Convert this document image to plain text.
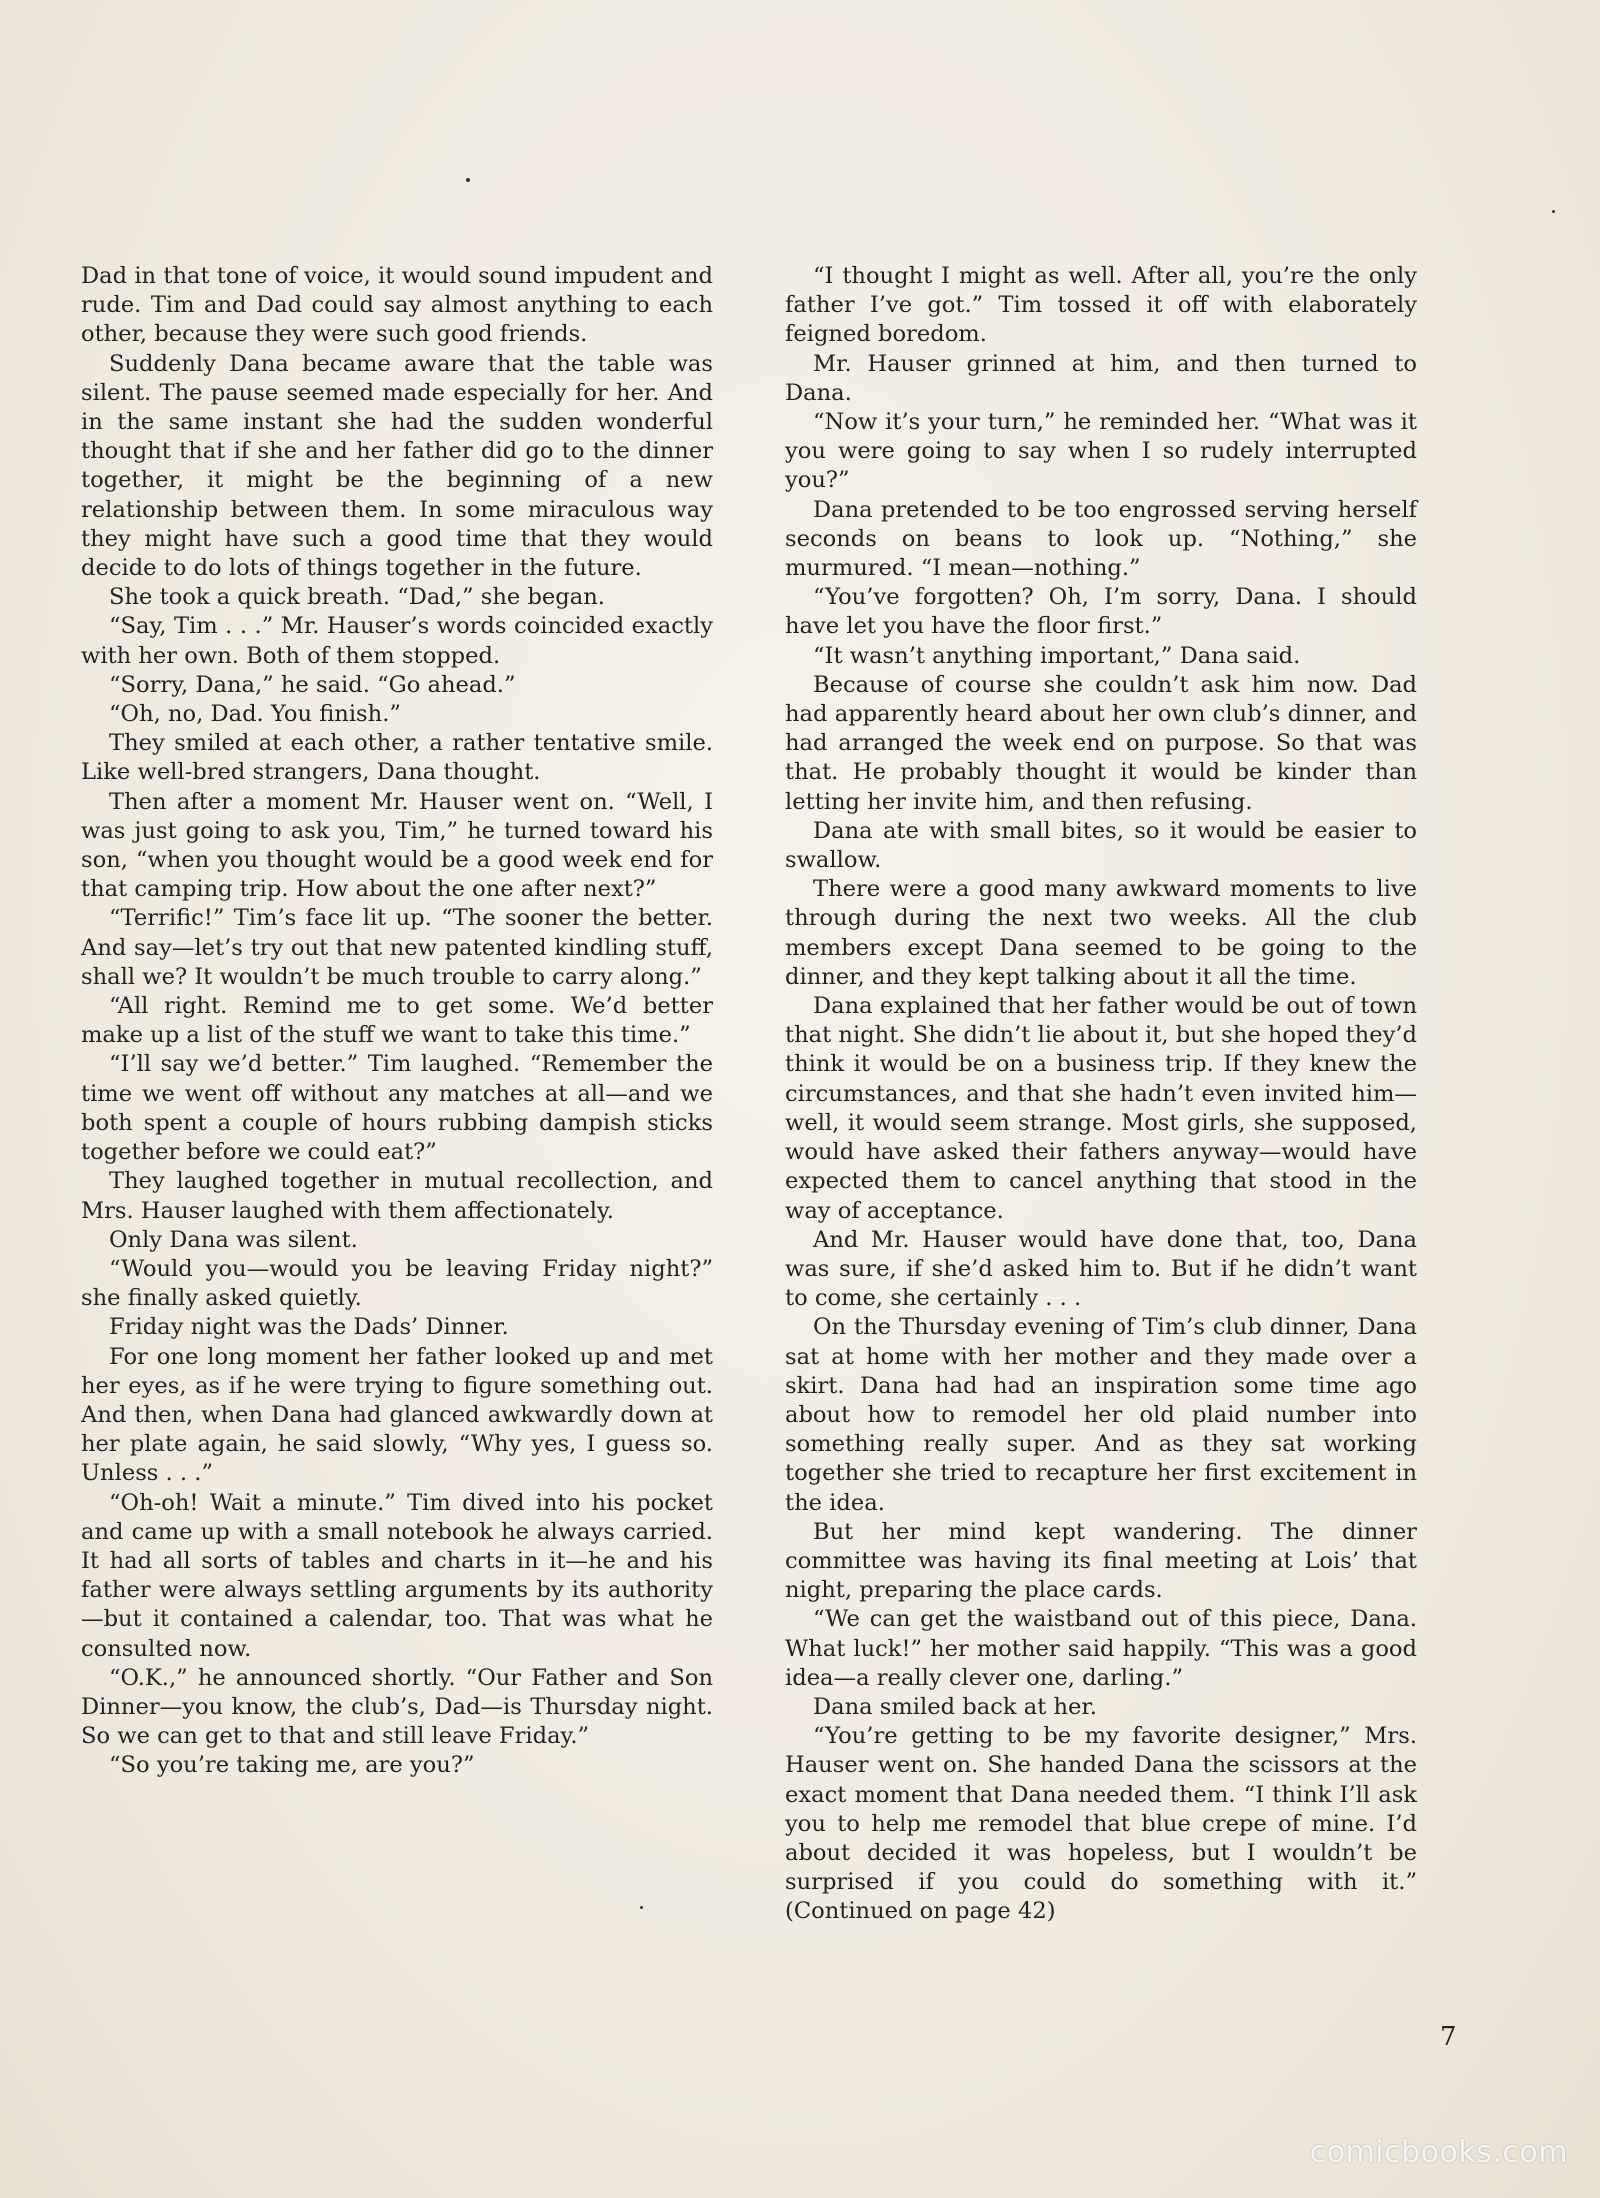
Dad in that tone of voice, it would sound impudent and rude. Tim and Dad could say almost anything to each other, because they were such good friends.

Suddenly Dana became aware that the table was silent. The pause seemed made especially for her. And in the same instant she had the sudden wonderful thought that if she and her father did go to the dinner together, it might be the beginning of a new relationship between them. In some miraculous way they might have such a good time that they would decide to do lots of things together in the future.

She took a quick breath. “Dad,” she began.

“Say, Tim . . .” Mr. Hauser’s words coincided exactly with her own. Both of them stopped.

“Sorry, Dana,” he said. “Go ahead.”

“Oh, no, Dad. You finish.”

They smiled at each other, a rather tentative smile. Like well-bred strangers, Dana thought.

Then after a moment Mr. Hauser went on. “Well, I was just going to ask you, Tim,” he turned toward his son, “when you thought would be a good week end for that camping trip. How about the one after next?”

“Terrific!” Tim’s face lit up. “The sooner the better. And say—let’s try out that new patented kindling stuff, shall we? It wouldn’t be much trouble to carry along.”

“All right. Remind me to get some. We’d better make up a list of the stuff we want to take this time.”

“I’ll say we’d better.” Tim laughed. “Remember the time we went off without any matches at all—and we both spent a couple of hours rubbing dampish sticks together before we could eat?”

They laughed together in mutual recollection, and Mrs. Hauser laughed with them affectionately.

Only Dana was silent.

“Would you—would you be leaving Friday night?” she finally asked quietly.

Friday night was the Dads’ Dinner.

For one long moment her father looked up and met her eyes, as if he were trying to figure something out. And then, when Dana had glanced awkwardly down at her plate again, he said slowly, “Why yes, I guess so. Unless . . .”

“Oh-oh! Wait a minute.” Tim dived into his pocket and came up with a small notebook he always carried. It had all sorts of tables and charts in it—he and his father were always settling arguments by its authority—but it contained a calendar, too. That was what he consulted now.

“O.K.,” he announced shortly. “Our Father and Son Dinner—you know, the club’s, Dad—is Thursday night. So we can get to that and still leave Friday.”

“So you’re taking me, are you?”

“I thought I might as well. After all, you’re the only father I’ve got.” Tim tossed it off with elaborately feigned boredom.

Mr. Hauser grinned at him, and then turned to Dana.

“Now it’s your turn,” he reminded her. “What was it you were going to say when I so rudely interrupted you?”

Dana pretended to be too engrossed serving herself seconds on beans to look up. “Nothing,” she murmured. “I mean—nothing.”

“You’ve forgotten? Oh, I’m sorry, Dana. I should have let you have the floor first.”

“It wasn’t anything important,” Dana said.

Because of course she couldn’t ask him now. Dad had apparently heard about her own club’s dinner, and had arranged the week end on purpose. So that was that. He probably thought it would be kinder than letting her invite him, and then refusing.

Dana ate with small bites, so it would be easier to swallow.

There were a good many awkward moments to live through during the next two weeks. All the club members except Dana seemed to be going to the dinner, and they kept talking about it all the time.

Dana explained that her father would be out of town that night. She didn’t lie about it, but she hoped they’d think it would be on a business trip. If they knew the circumstances, and that she hadn’t even invited him—well, it would seem strange. Most girls, she supposed, would have asked their fathers anyway—would have expected them to cancel anything that stood in the way of acceptance.

And Mr. Hauser would have done that, too, Dana was sure, if she’d asked him to. But if he didn’t want to come, she certainly . . .

On the Thursday evening of Tim’s club dinner, Dana sat at home with her mother and they made over a skirt. Dana had had an inspiration some time ago about how to remodel her old plaid number into something really super. And as they sat working together she tried to recapture her first excitement in the idea.

But her mind kept wandering. The dinner committee was having its final meeting at Lois’ that night, preparing the place cards.

“We can get the waistband out of this piece, Dana. What luck!” her mother said happily. “This was a good idea—a really clever one, darling.”

Dana smiled back at her.

“You’re getting to be my favorite designer,” Mrs. Hauser went on. She handed Dana the scissors at the exact moment that Dana needed them. “I think I’ll ask you to help me remodel that blue crepe of mine. I’d about decided it was hopeless, but I wouldn’t be surprised if you could do something with it.” (Continued on page 42)

7
comicbooks.com
